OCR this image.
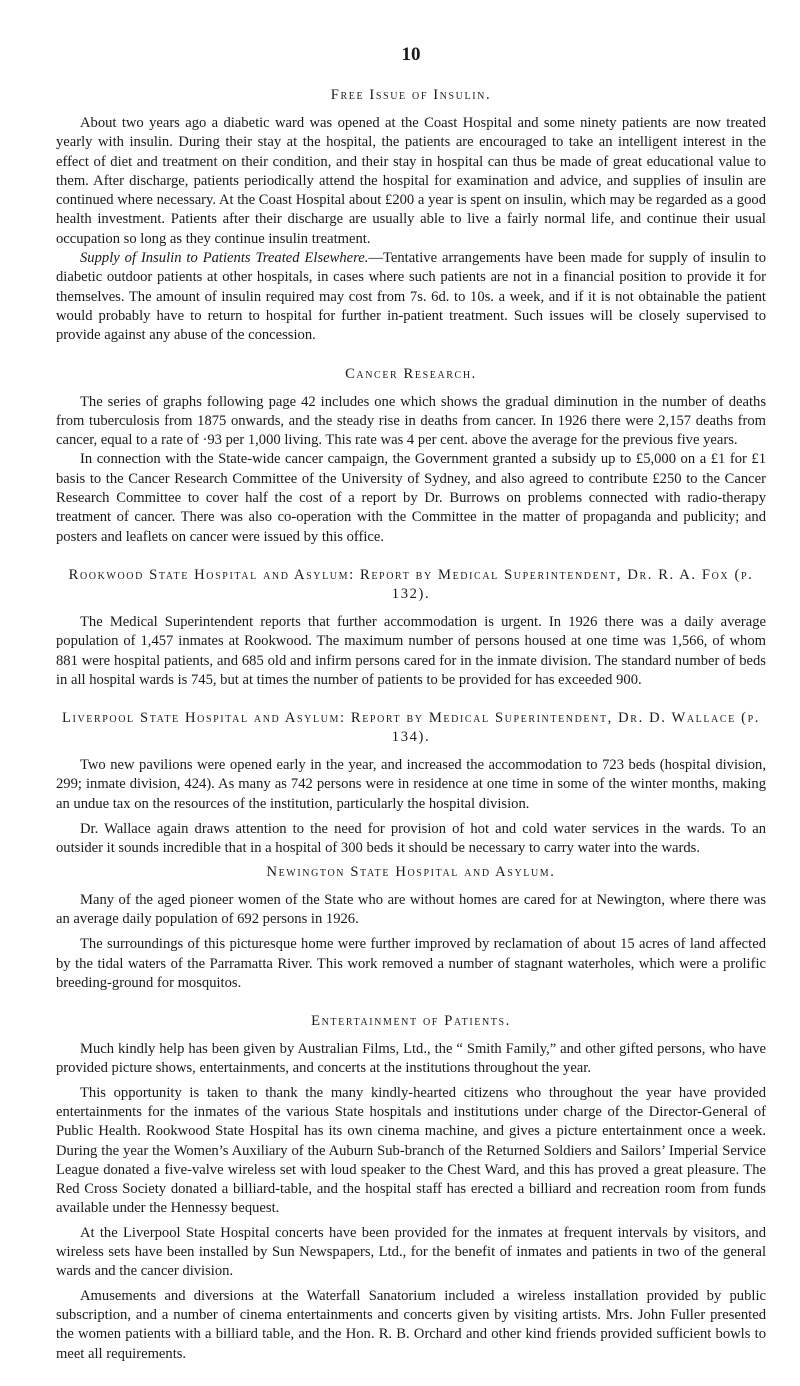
10
Free Issue of Insulin.

About two years ago a diabetic ward was opened at the Coast Hospital and some ninety patients are now treated yearly with insulin. During their stay at the hospital, the patients are encouraged to take an intelligent interest in the effect of diet and treatment on their condition, and their stay in hospital can thus be made of great educational value to them. After discharge, patients periodically attend the hospital for examination and advice, and supplies of insulin are continued where necessary. At the Coast Hospital about £200 a year is spent on insulin, which may be regarded as a good health investment. Patients after their discharge are usually able to live a fairly normal life, and continue their usual occupation so long as they continue insulin treatment.

Supply of Insulin to Patients Treated Elsewhere.—Tentative arrangements have been made for supply of insulin to diabetic outdoor patients at other hospitals, in cases where such patients are not in a financial position to provide it for themselves. The amount of insulin required may cost from 7s. 6d. to 10s. a week, and if it is not obtainable the patient would probably have to return to hospital for further in-patient treatment. Such issues will be closely supervised to provide against any abuse of the concession.

Cancer Research.

The series of graphs following page 42 includes one which shows the gradual diminution in the number of deaths from tuberculosis from 1875 onwards, and the steady rise in deaths from cancer. In 1926 there were 2,157 deaths from cancer, equal to a rate of ·93 per 1,000 living. This rate was 4 per cent. above the average for the previous five years.

In connection with the State-wide cancer campaign, the Government granted a subsidy up to £5,000 on a £1 for £1 basis to the Cancer Research Committee of the University of Sydney, and also agreed to contribute £250 to the Cancer Research Committee to cover half the cost of a report by Dr. Burrows on problems connected with radio-therapy treatment of cancer. There was also co-operation with the Committee in the matter of propaganda and publicity; and posters and leaflets on cancer were issued by this office.

Rookwood State Hospital and Asylum: Report by Medical Superintendent, Dr. R. A. Fox (p. 132).

The Medical Superintendent reports that further accommodation is urgent. In 1926 there was a daily average population of 1,457 inmates at Rookwood. The maximum number of persons housed at one time was 1,566, of whom 881 were hospital patients, and 685 old and infirm persons cared for in the inmate division. The standard number of beds in all hospital wards is 745, but at times the number of patients to be provided for has exceeded 900.

Liverpool State Hospital and Asylum: Report by Medical Superintendent, Dr. D. Wallace (p. 134).

Two new pavilions were opened early in the year, and increased the accommodation to 723 beds (hospital division, 299; inmate division, 424). As many as 742 persons were in residence at one time in some of the winter months, making an undue tax on the resources of the institution, particularly the hospital division.

Dr. Wallace again draws attention to the need for provision of hot and cold water services in the wards. To an outsider it sounds incredible that in a hospital of 300 beds it should be necessary to carry water into the wards.

Newington State Hospital and Asylum.

Many of the aged pioneer women of the State who are without homes are cared for at Newington, where there was an average daily population of 692 persons in 1926.

The surroundings of this picturesque home were further improved by reclamation of about 15 acres of land affected by the tidal waters of the Parramatta River. This work removed a number of stagnant waterholes, which were a prolific breeding-ground for mosquitos.

Entertainment of Patients.

Much kindly help has been given by Australian Films, Ltd., the “ Smith Family,” and other gifted persons, who have provided picture shows, entertainments, and concerts at the institutions throughout the year.

This opportunity is taken to thank the many kindly-hearted citizens who throughout the year have provided entertainments for the inmates of the various State hospitals and institutions under charge of the Director-General of Public Health. Rookwood State Hospital has its own cinema machine, and gives a picture entertainment once a week. During the year the Women’s Auxiliary of the Auburn Sub-branch of the Returned Soldiers and Sailors’ Imperial Service League donated a five-valve wireless set with loud speaker to the Chest Ward, and this has proved a great pleasure. The Red Cross Society donated a billiard-table, and the hospital staff has erected a billiard and recreation room from funds available under the Hennessy bequest.

At the Liverpool State Hospital concerts have been provided for the inmates at frequent intervals by visitors, and wireless sets have been installed by Sun Newspapers, Ltd., for the benefit of inmates and patients in two of the general wards and the cancer division.

Amusements and diversions at the Waterfall Sanatorium included a wireless installation provided by public subscription, and a number of cinema entertainments and concerts given by visiting artists. Mrs. John Fuller presented the women patients with a billiard table, and the Hon. R. B. Orchard and other kind friends provided sufficient bowls to meet all requirements.
